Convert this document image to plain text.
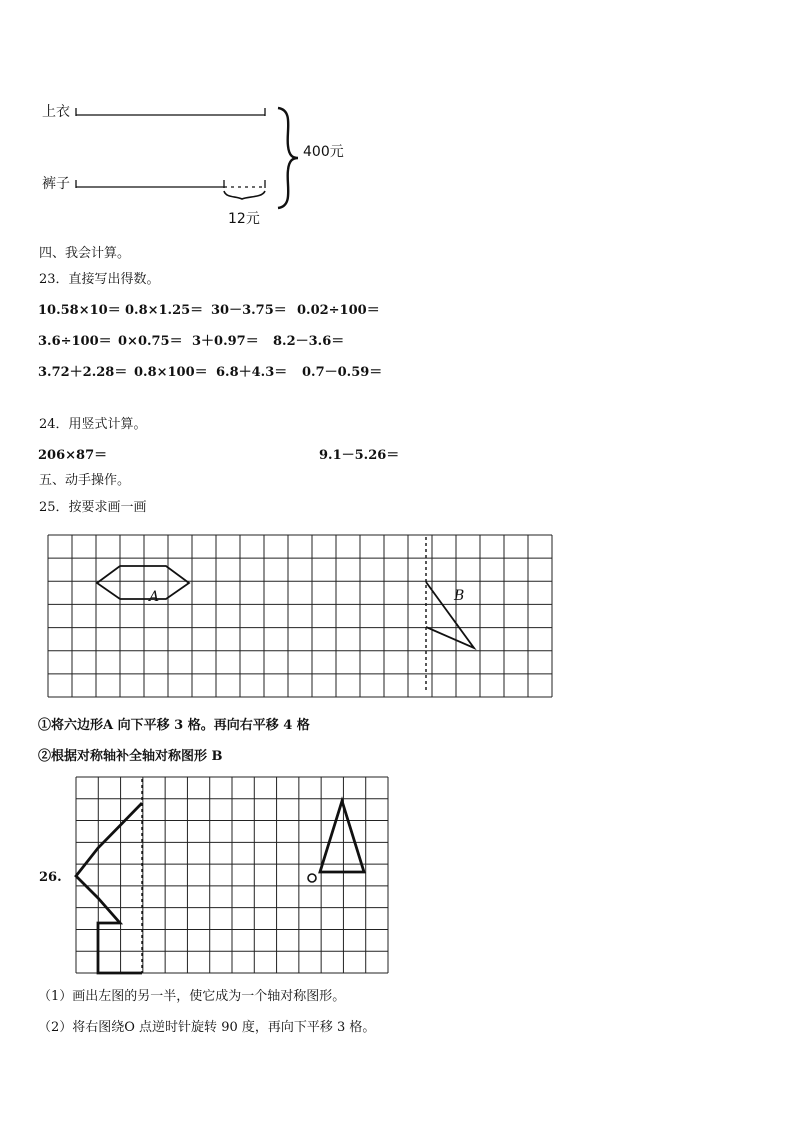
上衣
裤子
400元
12元
四、我会计算。
23．直接写出得数。
10.58×10＝ 0.8×1.25＝ 30－3.75＝ 0.02÷100＝
3.6÷100＝ 0×0.75＝ 3＋0.97＝ 8.2－3.6＝
3.72＋2.28＝ 0.8×100＝ 6.8＋4.3＝ 0.7－0.59＝
24．用竖式计算。
206×87＝	9.1－5.26＝
五、动手操作。
25．按要求画一画
A	B
①将六边形A 向下平移 3 格。再向右平移 4 格
②根据对称轴补全轴对称图形 B
26.
（1）画出左图的另一半，使它成为一个轴对称图形。
（2）将右图绕O 点逆时针旋转 90 度，再向下平移 3 格。
